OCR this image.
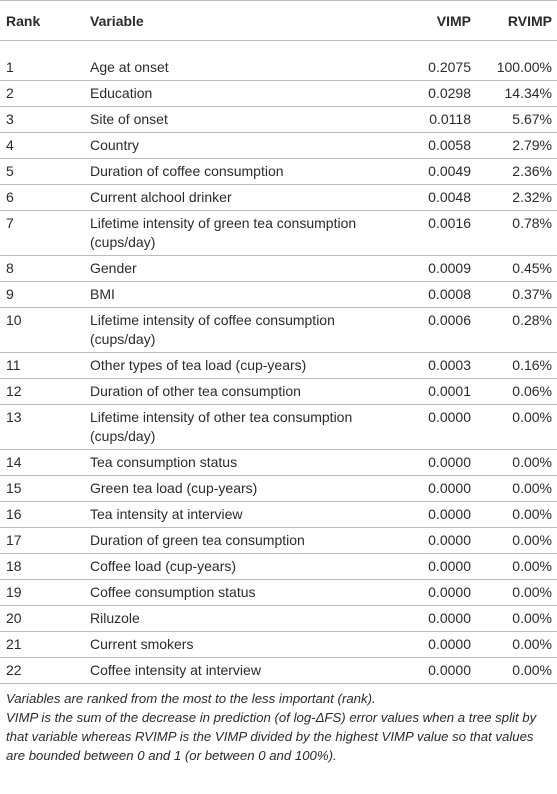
Rank	Variable	VIMP	RVIMP
1	Age at onset	0.2075	100.00%
2	Education	0.0298	14.34%
3	Site of onset	0.0118	5.67%
4	Country	0.0058	2.79%
5	Duration of coffee consumption	0.0049	2.36%
6	Current alchool drinker	0.0048	2.32%
7	Lifetime intensity of green tea consumption (cups/day)	0.0016	0.78%
8	Gender	0.0009	0.45%
9	BMI	0.0008	0.37%
10	Lifetime intensity of coffee consumption (cups/day)	0.0006	0.28%
11	Other types of tea load (cup-years)	0.0003	0.16%
12	Duration of other tea consumption	0.0001	0.06%
13	Lifetime intensity of other tea consumption (cups/day)	0.0000	0.00%
14	Tea consumption status	0.0000	0.00%
15	Green tea load (cup-years)	0.0000	0.00%
16	Tea intensity at interview	0.0000	0.00%
17	Duration of green tea consumption	0.0000	0.00%
18	Coffee load (cup-years)	0.0000	0.00%
19	Coffee consumption status	0.0000	0.00%
20	Riluzole	0.0000	0.00%
21	Current smokers	0.0000	0.00%
22	Coffee intensity at interview	0.0000	0.00%

Variables are ranked from the most to the less important (rank).

VIMP is the sum of the decrease in prediction (of log-ΔFS) error values when a tree split by that variable whereas RVIMP is the VIMP divided by the highest VIMP value so that values are bounded between 0 and 1 (or between 0 and 100%).
